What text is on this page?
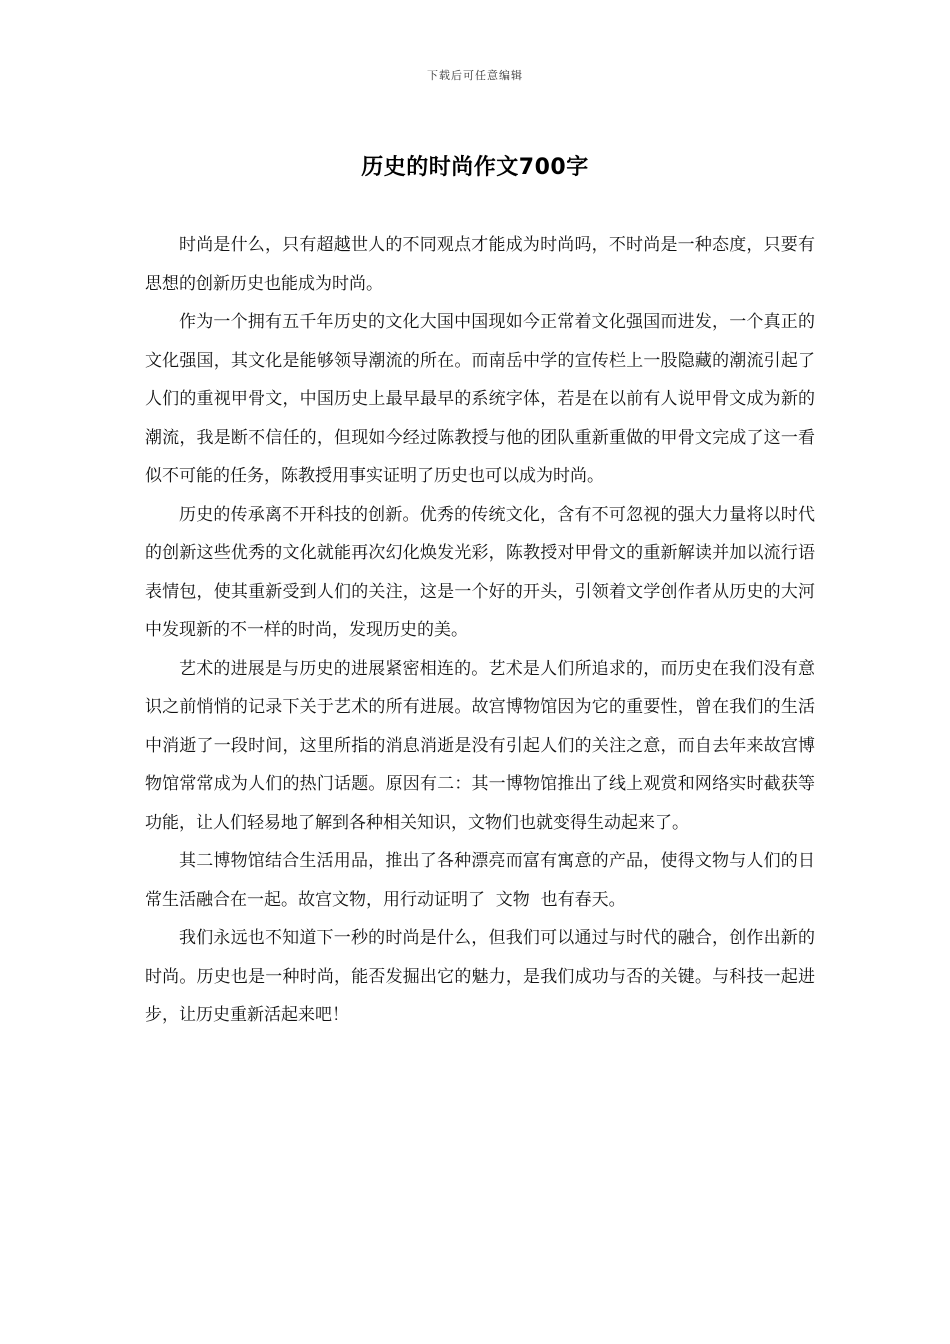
下载后可任意编辑
历史的时尚作文700字

时尚是什么，只有超越世人的不同观点才能成为时尚吗，不时尚是一种态度，只要有思想的创新历史也能成为时尚。

作为一个拥有五千年历史的文化大国中国现如今正常着文化强国而进发，一个真正的文化强国，其文化是能够领导潮流的所在。而南岳中学的宣传栏上一股隐藏的潮流引起了人们的重视甲骨文，中国历史上最早最早的系统字体，若是在以前有人说甲骨文成为新的潮流，我是断不信任的，但现如今经过陈教授与他的团队重新重做的甲骨文完成了这一看似不可能的任务，陈教授用事实证明了历史也可以成为时尚。

历史的传承离不开科技的创新。优秀的传统文化，含有不可忽视的强大力量将以时代的创新这些优秀的文化就能再次幻化焕发光彩，陈教授对甲骨文的重新解读并加以流行语表情包，使其重新受到人们的关注，这是一个好的开头，引领着文学创作者从历史的大河中发现新的不一样的时尚，发现历史的美。

艺术的进展是与历史的进展紧密相连的。艺术是人们所追求的，而历史在我们没有意识之前悄悄的记录下关于艺术的所有进展。故宫博物馆因为它的重要性，曾在我们的生活中消逝了一段时间，这里所指的消息消逝是没有引起人们的关注之意，而自去年来故宫博物馆常常成为人们的热门话题。原因有二：其一博物馆推出了线上观赏和网络实时截获等功能，让人们轻易地了解到各种相关知识，文物们也就变得生动起来了。

其二博物馆结合生活用品，推出了各种漂亮而富有寓意的产品，使得文物与人们的日常生活融合在一起。故宫文物，用行动证明了  文物  也有春天。

我们永远也不知道下一秒的时尚是什么，但我们可以通过与时代的融合，创作出新的时尚。历史也是一种时尚，能否发掘出它的魅力，是我们成功与否的关键。与科技一起进步，让历史重新活起来吧！
